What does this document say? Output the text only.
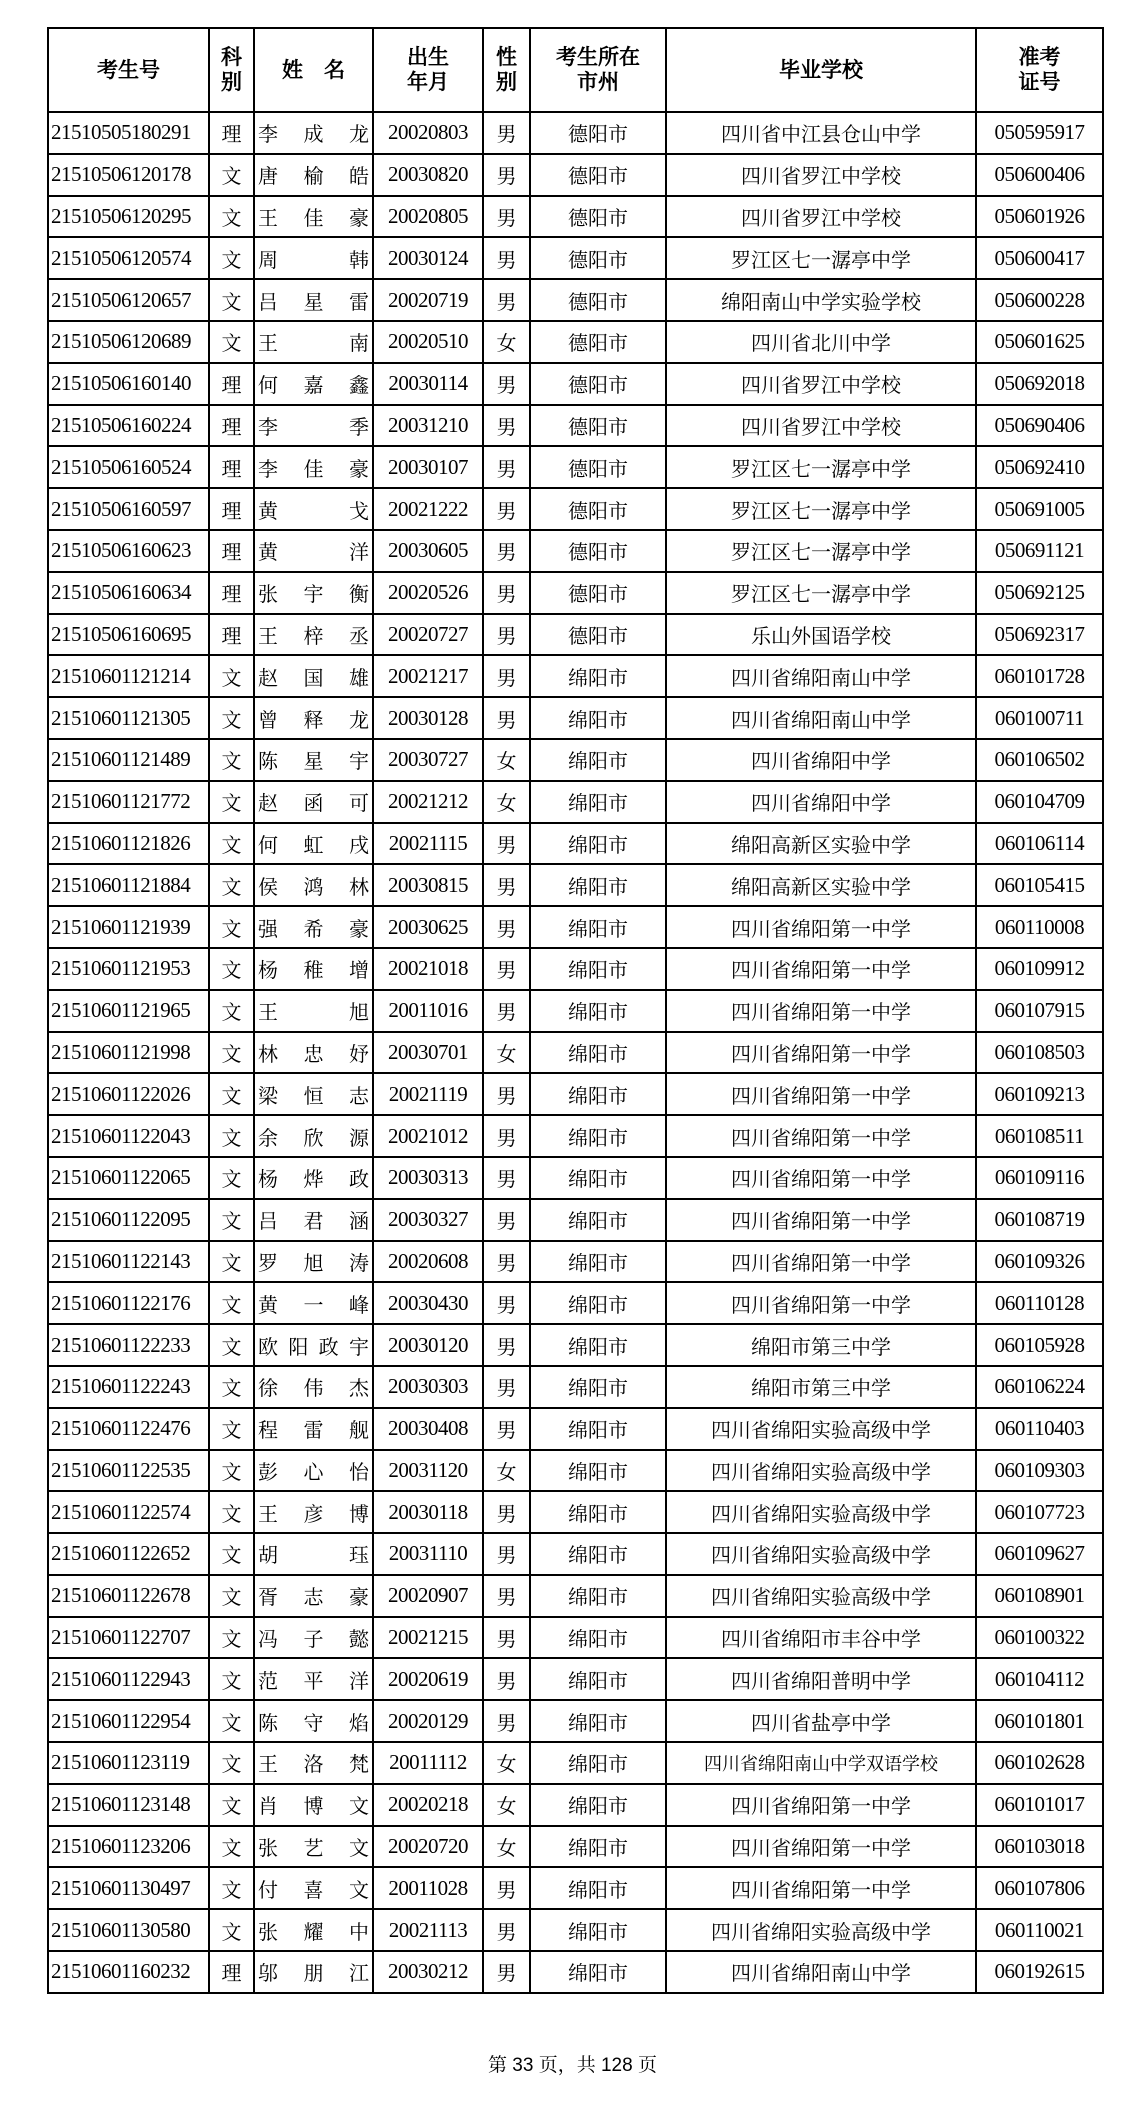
考生号	科别	姓　名	出生年月	性别	考生所在市州	毕业学校	准考证号
21510505180291	理	李成龙	20020803	男	德阳市	四川省中江县仓山中学	050595917
21510506120178	文	唐榆皓	20030820	男	德阳市	四川省罗江中学校	050600406
21510506120295	文	王佳豪	20020805	男	德阳市	四川省罗江中学校	050601926
21510506120574	文	周韩	20030124	男	德阳市	罗江区七一潺亭中学	050600417
21510506120657	文	吕星雷	20020719	男	德阳市	绵阳南山中学实验学校	050600228
21510506120689	文	王南	20020510	女	德阳市	四川省北川中学	050601625
21510506160140	理	何嘉鑫	20030114	男	德阳市	四川省罗江中学校	050692018
21510506160224	理	李季	20031210	男	德阳市	四川省罗江中学校	050690406
21510506160524	理	李佳豪	20030107	男	德阳市	罗江区七一潺亭中学	050692410
21510506160597	理	黄戈	20021222	男	德阳市	罗江区七一潺亭中学	050691005
21510506160623	理	黄洋	20030605	男	德阳市	罗江区七一潺亭中学	050691121
21510506160634	理	张宇衡	20020526	男	德阳市	罗江区七一潺亭中学	050692125
21510506160695	理	王梓丞	20020727	男	德阳市	乐山外国语学校	050692317
21510601121214	文	赵国雄	20021217	男	绵阳市	四川省绵阳南山中学	060101728
21510601121305	文	曾释龙	20030128	男	绵阳市	四川省绵阳南山中学	060100711
21510601121489	文	陈星宇	20030727	女	绵阳市	四川省绵阳中学	060106502
21510601121772	文	赵函可	20021212	女	绵阳市	四川省绵阳中学	060104709
21510601121826	文	何虹戌	20021115	男	绵阳市	绵阳高新区实验中学	060106114
21510601121884	文	侯鸿林	20030815	男	绵阳市	绵阳高新区实验中学	060105415
21510601121939	文	强希豪	20030625	男	绵阳市	四川省绵阳第一中学	060110008
21510601121953	文	杨稚增	20021018	男	绵阳市	四川省绵阳第一中学	060109912
21510601121965	文	王旭	20011016	男	绵阳市	四川省绵阳第一中学	060107915
21510601121998	文	林忠妤	20030701	女	绵阳市	四川省绵阳第一中学	060108503
21510601122026	文	梁恒志	20021119	男	绵阳市	四川省绵阳第一中学	060109213
21510601122043	文	余欣源	20021012	男	绵阳市	四川省绵阳第一中学	060108511
21510601122065	文	杨烨政	20030313	男	绵阳市	四川省绵阳第一中学	060109116
21510601122095	文	吕君涵	20030327	男	绵阳市	四川省绵阳第一中学	060108719
21510601122143	文	罗旭涛	20020608	男	绵阳市	四川省绵阳第一中学	060109326
21510601122176	文	黄一峰	20030430	男	绵阳市	四川省绵阳第一中学	060110128
21510601122233	文	欧阳政宇	20030120	男	绵阳市	绵阳市第三中学	060105928
21510601122243	文	徐伟杰	20030303	男	绵阳市	绵阳市第三中学	060106224
21510601122476	文	程雷舰	20030408	男	绵阳市	四川省绵阳实验高级中学	060110403
21510601122535	文	彭心怡	20031120	女	绵阳市	四川省绵阳实验高级中学	060109303
21510601122574	文	王彦博	20030118	男	绵阳市	四川省绵阳实验高级中学	060107723
21510601122652	文	胡珏	20031110	男	绵阳市	四川省绵阳实验高级中学	060109627
21510601122678	文	胥志豪	20020907	男	绵阳市	四川省绵阳实验高级中学	060108901
21510601122707	文	冯子懿	20021215	男	绵阳市	四川省绵阳市丰谷中学	060100322
21510601122943	文	范平洋	20020619	男	绵阳市	四川省绵阳普明中学	060104112
21510601122954	文	陈守焰	20020129	男	绵阳市	四川省盐亭中学	060101801
21510601123119	文	王洛梵	20011112	女	绵阳市	四川省绵阳南山中学双语学校	060102628
21510601123148	文	肖博文	20020218	女	绵阳市	四川省绵阳第一中学	060101017
21510601123206	文	张艺文	20020720	女	绵阳市	四川省绵阳第一中学	060103018
21510601130497	文	付喜文	20011028	男	绵阳市	四川省绵阳第一中学	060107806
21510601130580	文	张耀中	20021113	男	绵阳市	四川省绵阳实验高级中学	060110021
21510601160232	理	邬朋江	20030212	男	绵阳市	四川省绵阳南山中学	060192615
第 33 页，共 128 页
